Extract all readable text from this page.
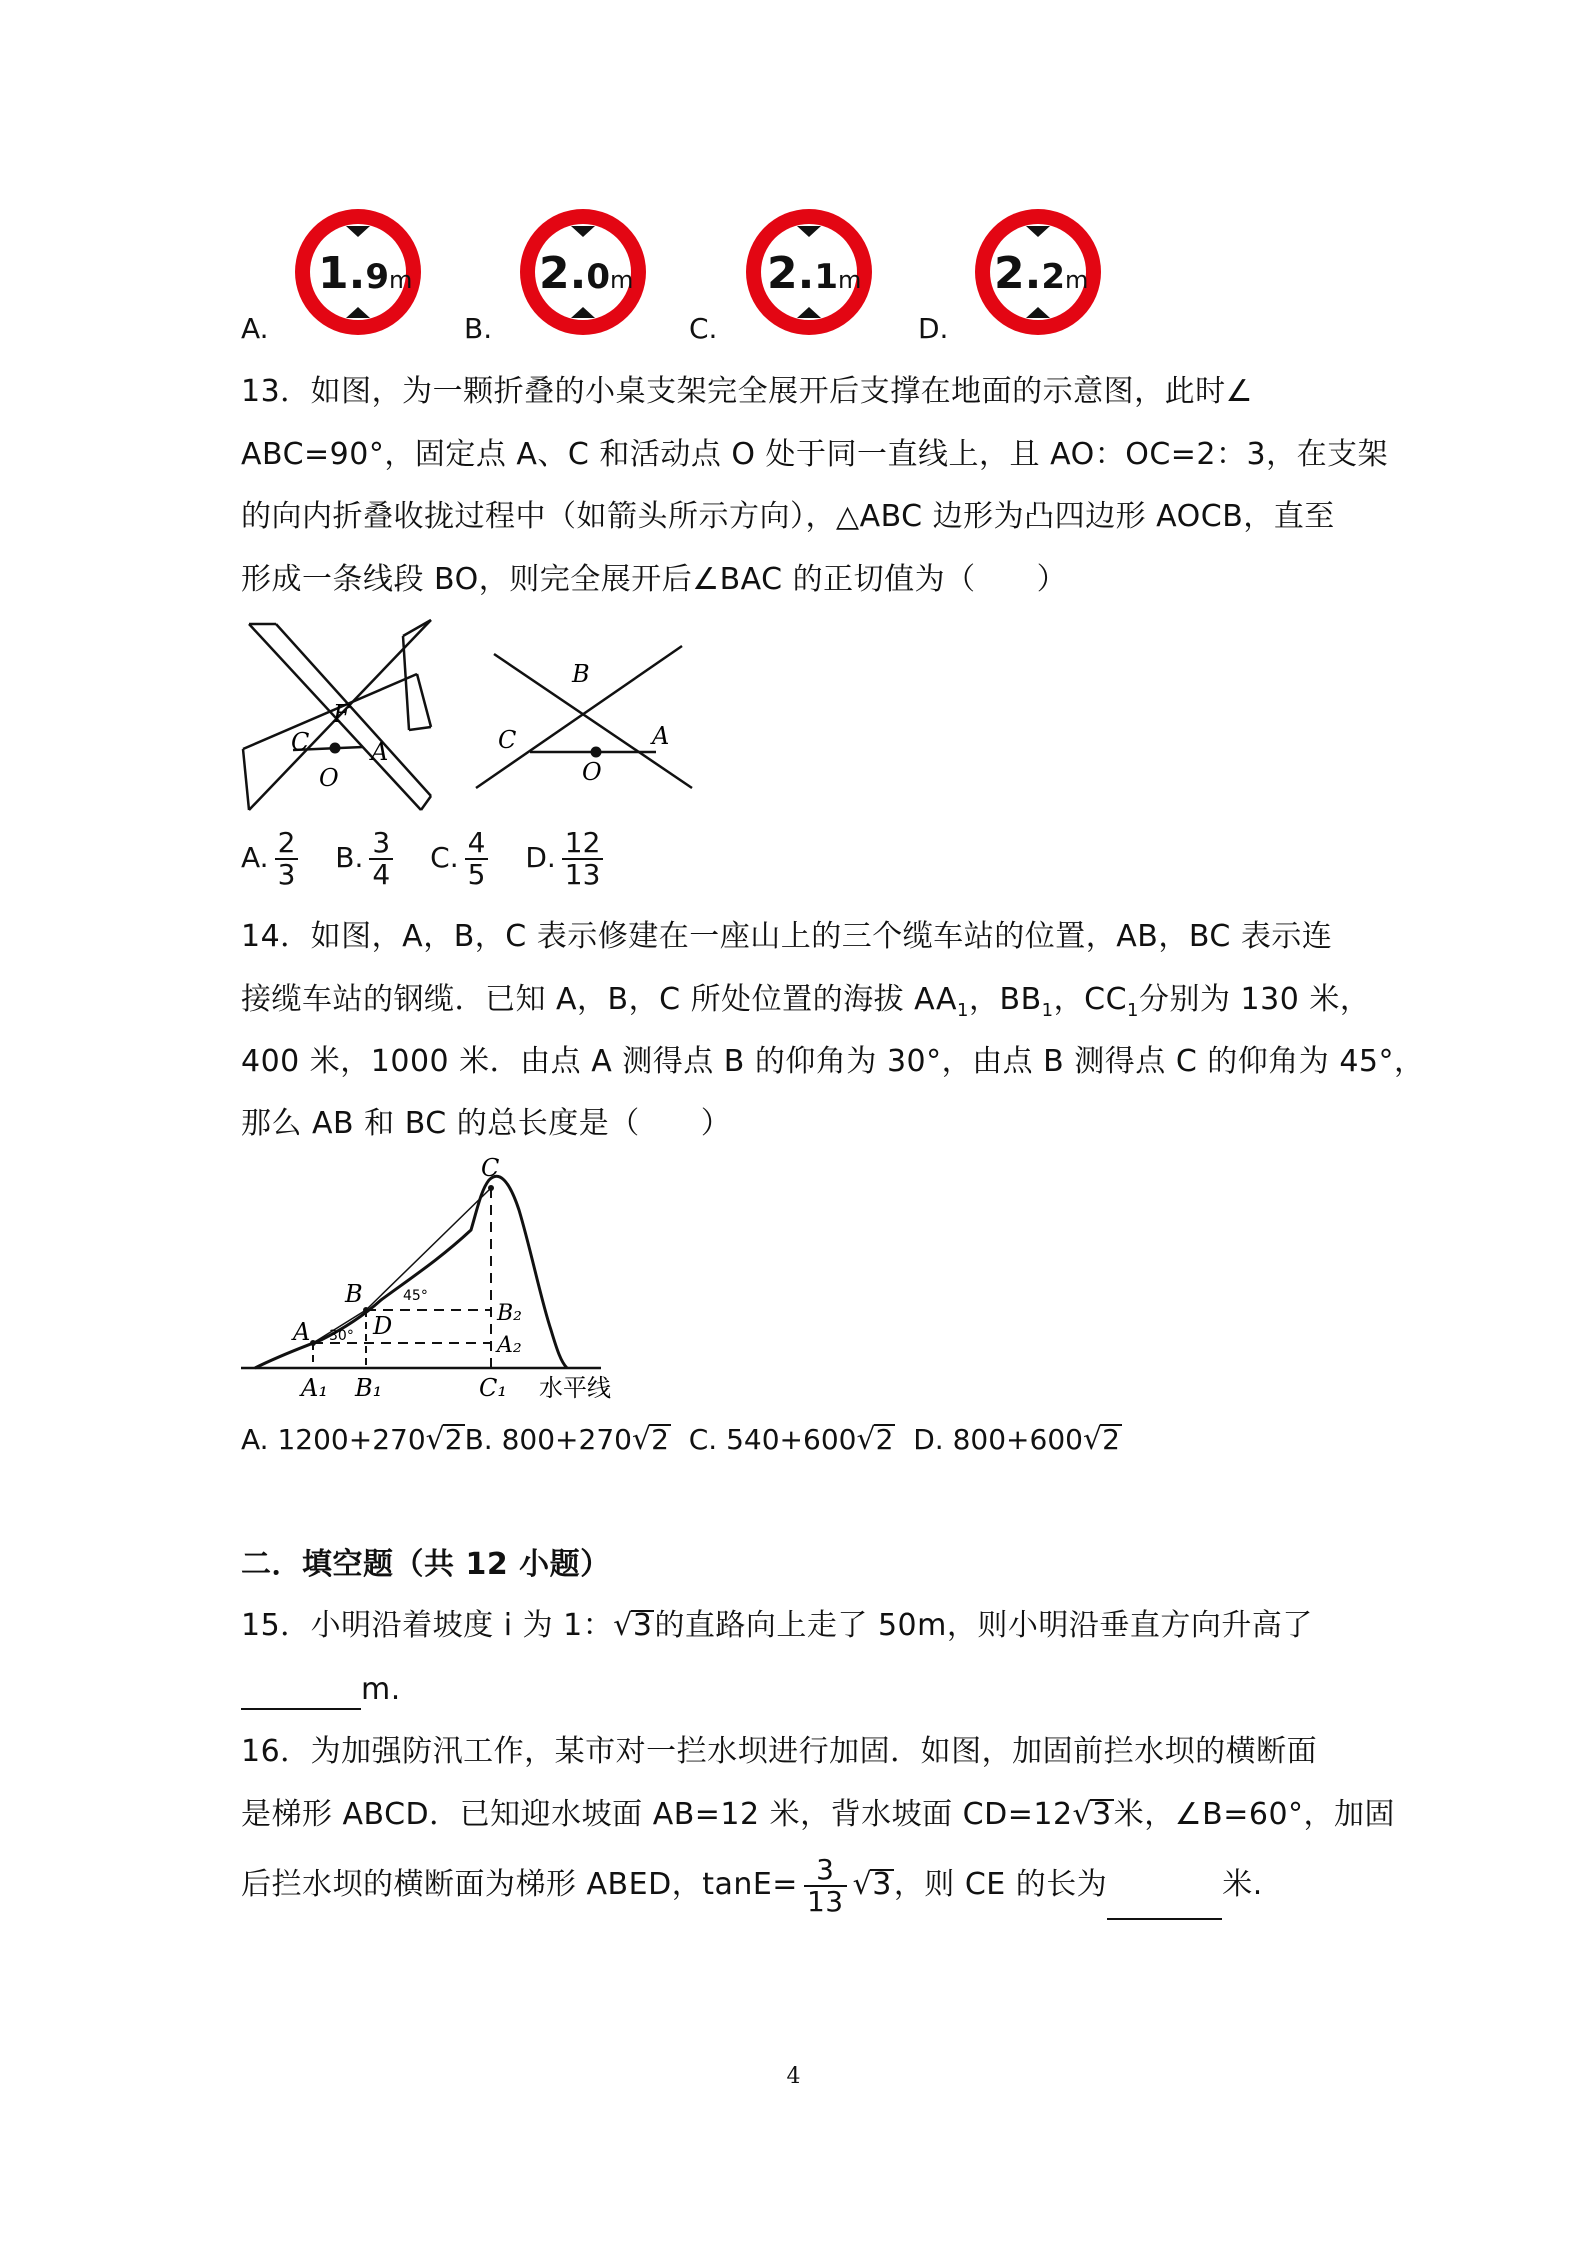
A.
1.9m
B.
2.0m
C.
2.1m
D.
2.2m
13．如图，为一颗折叠的小桌支架完全展开后支撑在地面的示意图，此时∠
ABC=90°，固定点 A、C 和活动点 O 处于同一直线上，且 AO：OC=2：3，在支架
的向内折叠收拢过程中（如箭头所示方向），△ABC 边形为凸四边形 AOCB，直至
形成一条线段 BO，则完全展开后∠BAC 的正切值为（　　）
C
F
A
O
B
C	A
O
A. $\frac{2}{3} B$. $\frac{3}{4} C$. $\frac{4}{5} D$. $\frac{12}{13}$
14．如图，A，B，C 表示修建在一座山上的三个缆车站的位置，AB，BC 表示连
接缆车站的钢缆．已知 A，B，C 所处位置的海拔 $AA_1$，$BB_1$，$CC_1$分别为 130 米，
400 米，1000 米．由点 A 测得点 B 的仰角为 30°，由点 B 测得点 C 的仰角为 45°，
那么 AB 和 BC 的总长度是（　　）
C
B
A	D	B₂
A₂
A₁ B₁	C₁ 水平线
45°
30°
A. 1200+270√2B. 800+270√2 C. 540+600√2 D. 800+600√2
二．填空题（共 12 小题）
15．小明沿着坡度 i 为 1：√3的直路向上走了 50m，则小明沿垂直方向升高了
m.
16．为加强防汛工作，某市对一拦水坝进行加固．如图，加固前拦水坝的横断面
是梯形 ABCD．已知迎水坡面 AB=12 米，背水坡面 CD=12√3米，∠B=60°，加固
后拦水坝的横断面为梯形 ABED，$\tan E= \frac{3}{13} √3$，则 CE 的长为	米.
4
